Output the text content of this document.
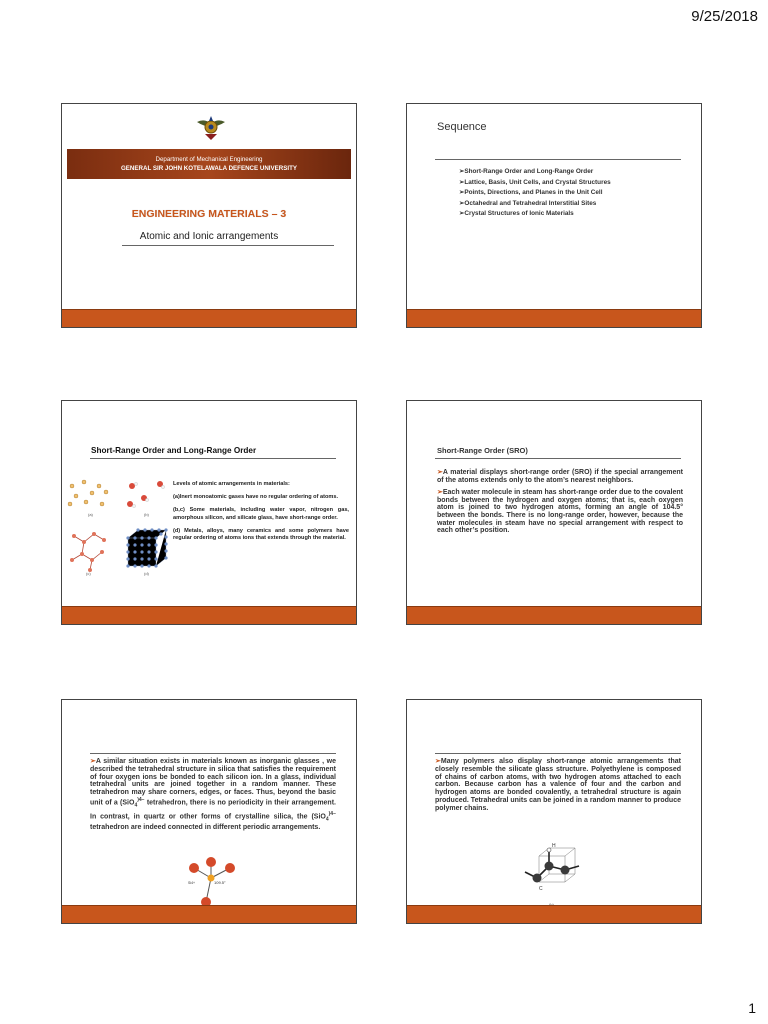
9/25/2018
Department of Mechanical Engineering
GENERAL SIR JOHN KOTELAWALA DEFENCE UNIVERSITY
ENGINEERING MATERIALS – 3
Atomic and Ionic arrangements
Sequence
➢Short-Range Order and Long-Range Order
➢Lattice, Basis, Unit Cells, and Crystal Structures
➢Points, Directions, and Planes in the Unit Cell
➢Octahedral and Tetrahedral Interstitial Sites
➢Crystal Structures of Ionic Materials
Short-Range Order and Long-Range Order
(a)	(b)
(c)	(d)

Levels of atomic arrangements in materials:

(a)Inert monoatomic gases have no regular ordering of atoms.

(b,c) Some materials, including water vapor, nitrogen gas, amorphous silicon, and silicate glass, have short-range order.

(d) Metals, alloys, many ceramics and some polymers have regular ordering of atoms ions that extends through the material.

Short-Range Order (SRO)

➢A material displays short-range order (SRO) if the special arrangement of the atoms extends only to the atom’s nearest neighbors.

➢Each water molecule in steam has short-range order due to the covalent bonds between the hydrogen and oxygen atoms; that is, each oxygen atom is joined to two hydrogen atoms, forming an angle of 104.5° between the bonds. There is no long-range order, however, because the water molecules in steam have no special arrangement with respect to each other’s position.

➢A similar situation exists in materials known as inorganic glasses , we described the tetrahedral structure in silica that satisfies the requirement of four oxygen ions be bonded to each silicon ion. In a glass, individual tetrahedral units are joined together in a random manner. These tetrahedron may share corners, edges, or faces. Thus, beyond the basic unit of a (SiO$_4^{)4-}$ tetrahedron, there is no periodicity in their arrangement. In contrast, in quartz or other forms of crystalline silica, the (SiO$_4^{)4-}$ tetrahedron are indeed connected in different periodic arrangements.
109.5°
Si4+
➢Many polymers also display short-range atomic arrangements that closely resemble the silicate glass structure. Polyethylene is composed of chains of carbon atoms, with two hydrogen atoms attached to each carbon. Because carbon has a valence of four and the carbon and hydrogen atoms are bonded covalently, a tetrahedral structure is again produced. Tetrahedral units can be joined in a random manner to produce polymer chains.
H
C
1
